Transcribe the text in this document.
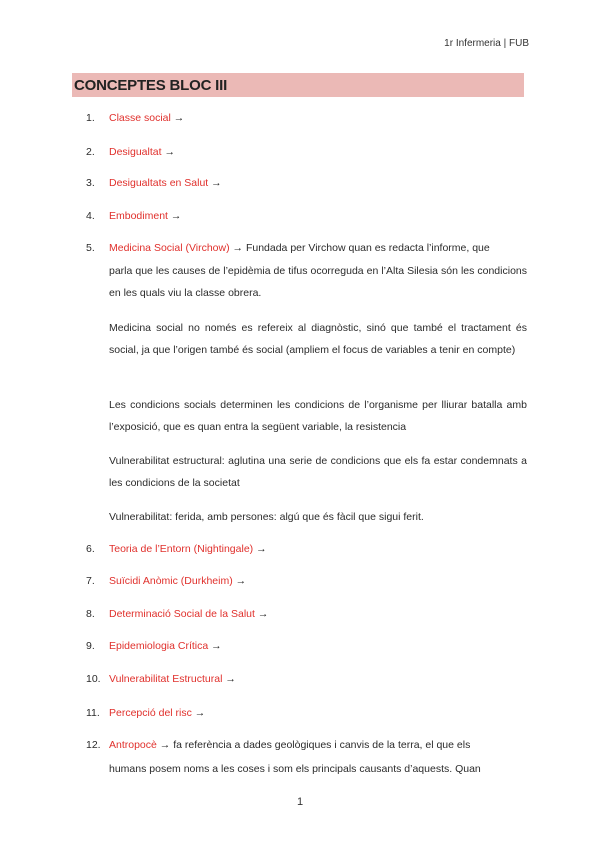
1r Infermeria | FUB
CONCEPTES BLOC III
1.	Classe social →
2.	Desigualtat →
3.	Desigualtats en Salut →
4.	Embodiment →
5.	Medicina Social (Virchow) → Fundada per Virchow quan es redacta l’informe, que
parla que les causes de l’epidèmia de tifus ocorreguda en l’Alta Silesia són les condicions en les quals viu la classe obrera.
Medicina social no només es refereix al diagnòstic, sinó que també el tractament és social, ja que l’origen també és social (ampliem el focus de variables a tenir en compte)
Les condicions socials determinen les condicions de l’organisme per lliurar batalla amb l’exposició, que es quan entra la següent variable, la resistencia
Vulnerabilitat estructural: aglutina una serie de condicions que els fa estar condemnats a les condicions de la societat
Vulnerabilitat: ferida, amb persones: algú que és fàcil que sigui ferit.
6.	Teoria de l’Entorn (Nightingale) →
7.	Suïcidi Anòmic (Durkheim) →
8.	Determinació Social de la Salut →
9.	Epidemiologia Crítica →
10. Vulnerabilitat Estructural →
11. Percepció del risc →
12. Antropocè → fa referència a dades geològiques i canvis de la terra, el que els
humans posem noms a les coses i som els principals causants d’aquests. Quan
1
